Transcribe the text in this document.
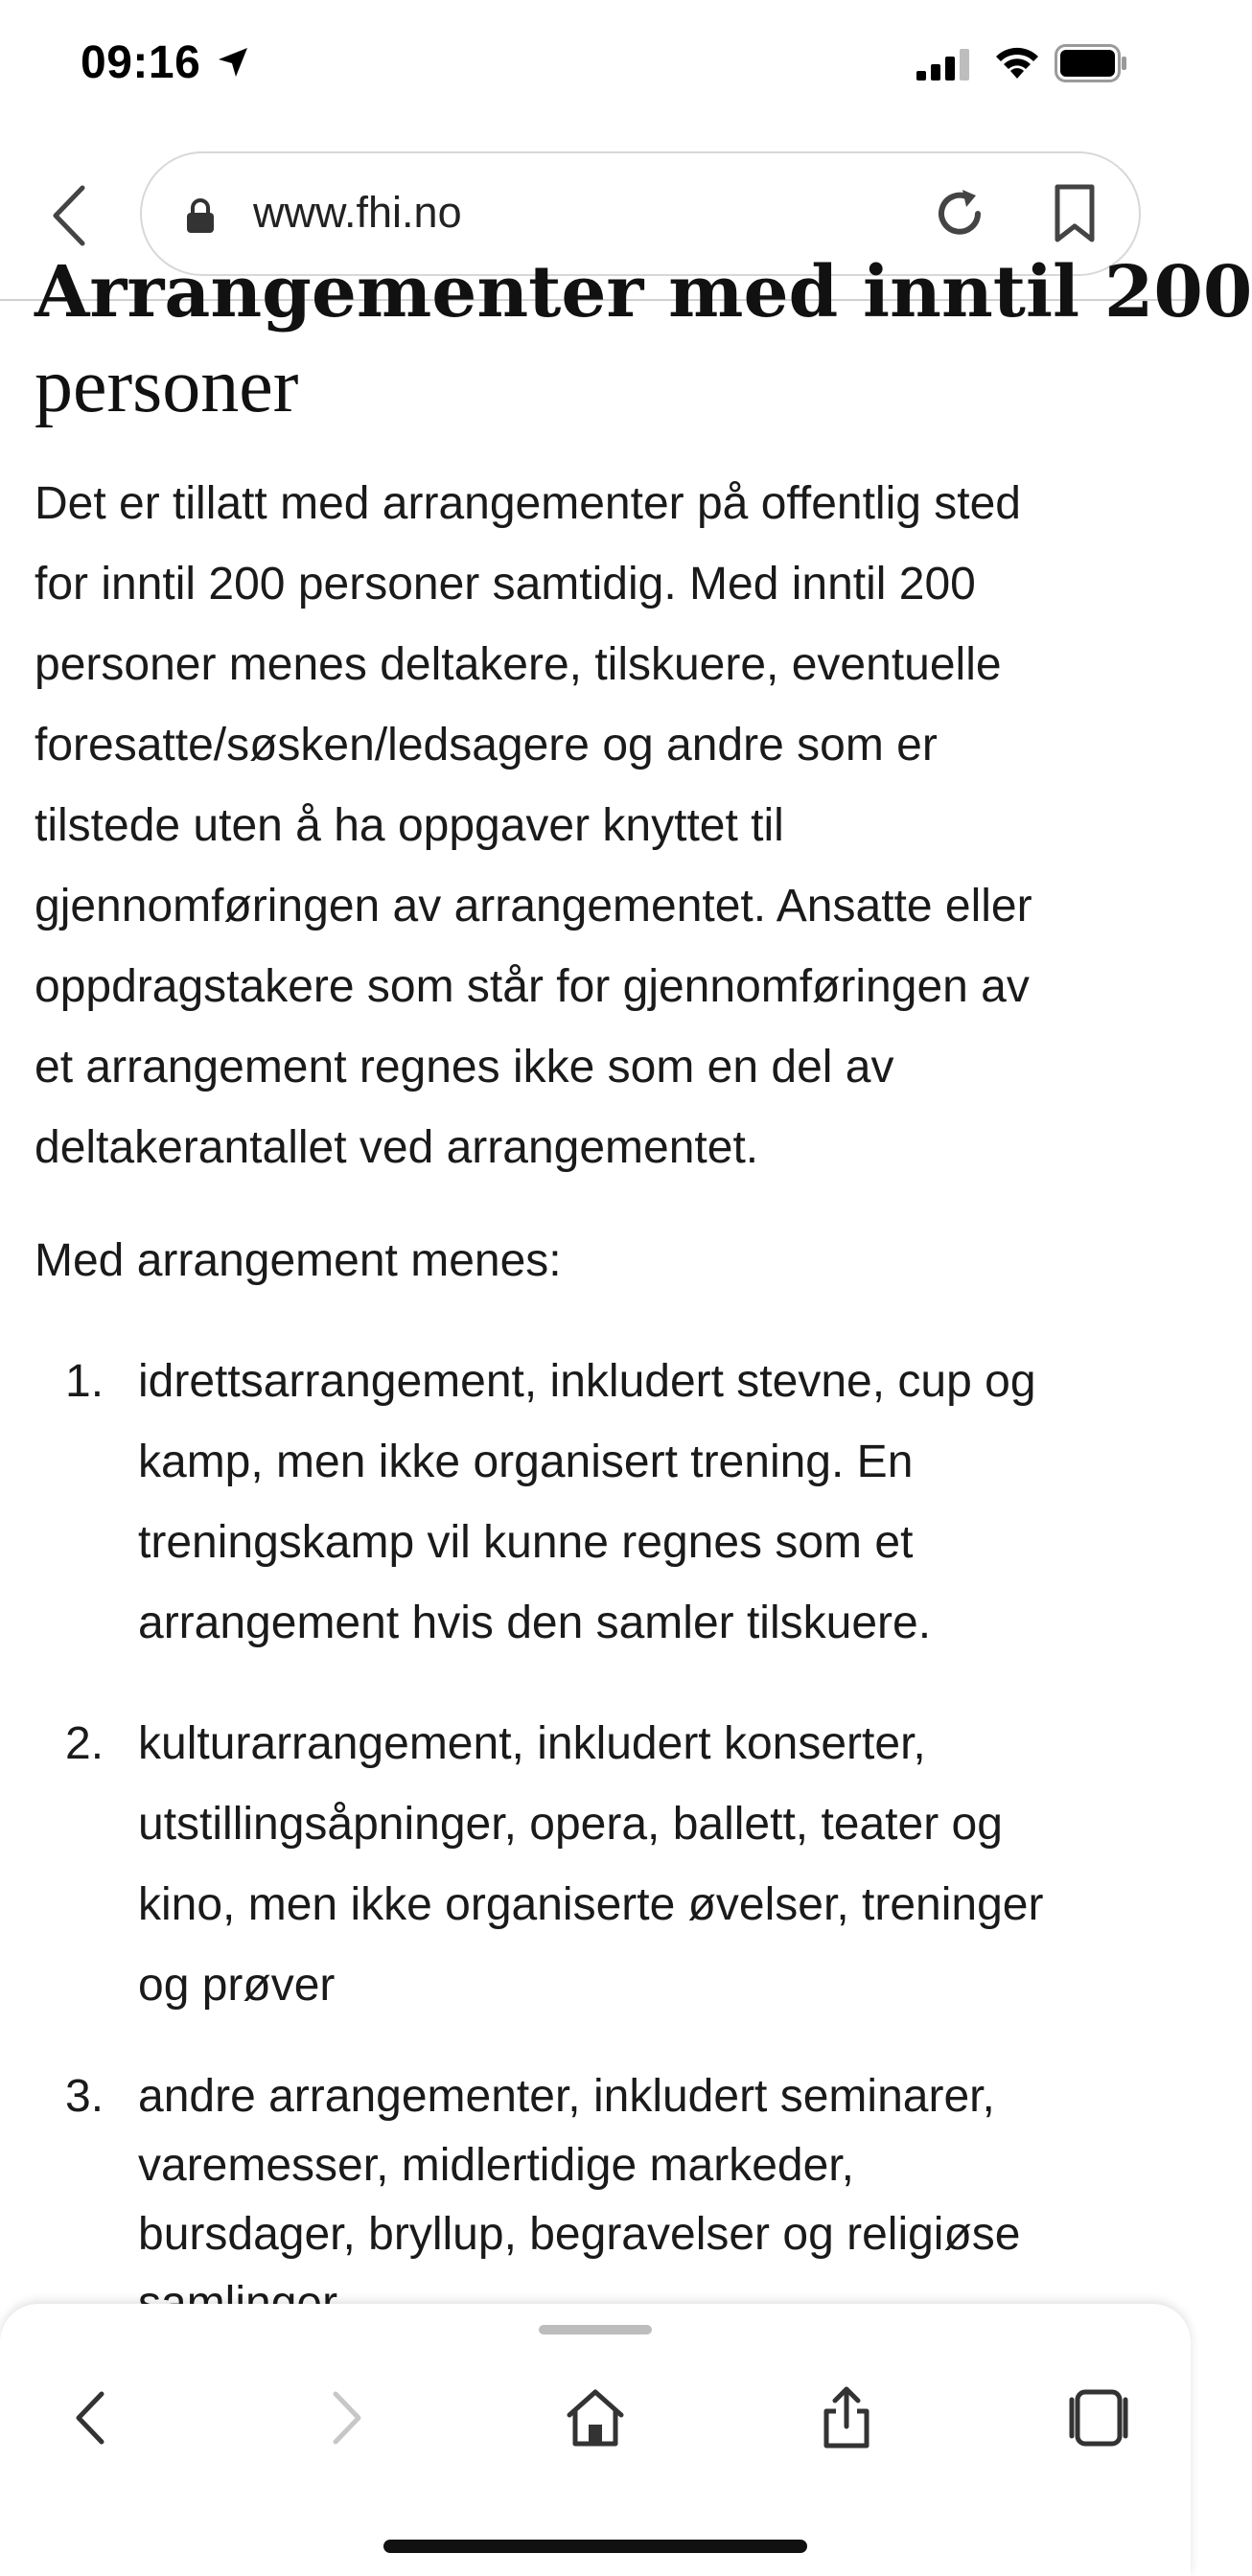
09:16
www.fhi.no
Arrangementer med inntil 200
personer

Det er tillatt med arrangementer på offentlig sted

for inntil 200 personer samtidig. Med inntil 200

personer menes deltakere, tilskuere, eventuelle

foresatte/søsken/ledsagere og andre som er

tilstede uten å ha oppgaver knyttet til

gjennomføringen av arrangementet. Ansatte eller

oppdragstakere som står for gjennomføringen av

et arrangement regnes ikke som en del av

deltakerantallet ved arrangementet.

Med arrangement menes:

1. idrettsarrangement, inkludert stevne, cup og

kamp, men ikke organisert trening. En

treningskamp vil kunne regnes som et

arrangement hvis den samler tilskuere.

2. kulturarrangement, inkludert konserter,

utstillingsåpninger, opera, ballett, teater og

kino, men ikke organiserte øvelser, treninger

og prøver

3. andre arrangementer, inkludert seminarer,

varemesser, midlertidige markeder,

bursdager, bryllup, begravelser og religiøse
